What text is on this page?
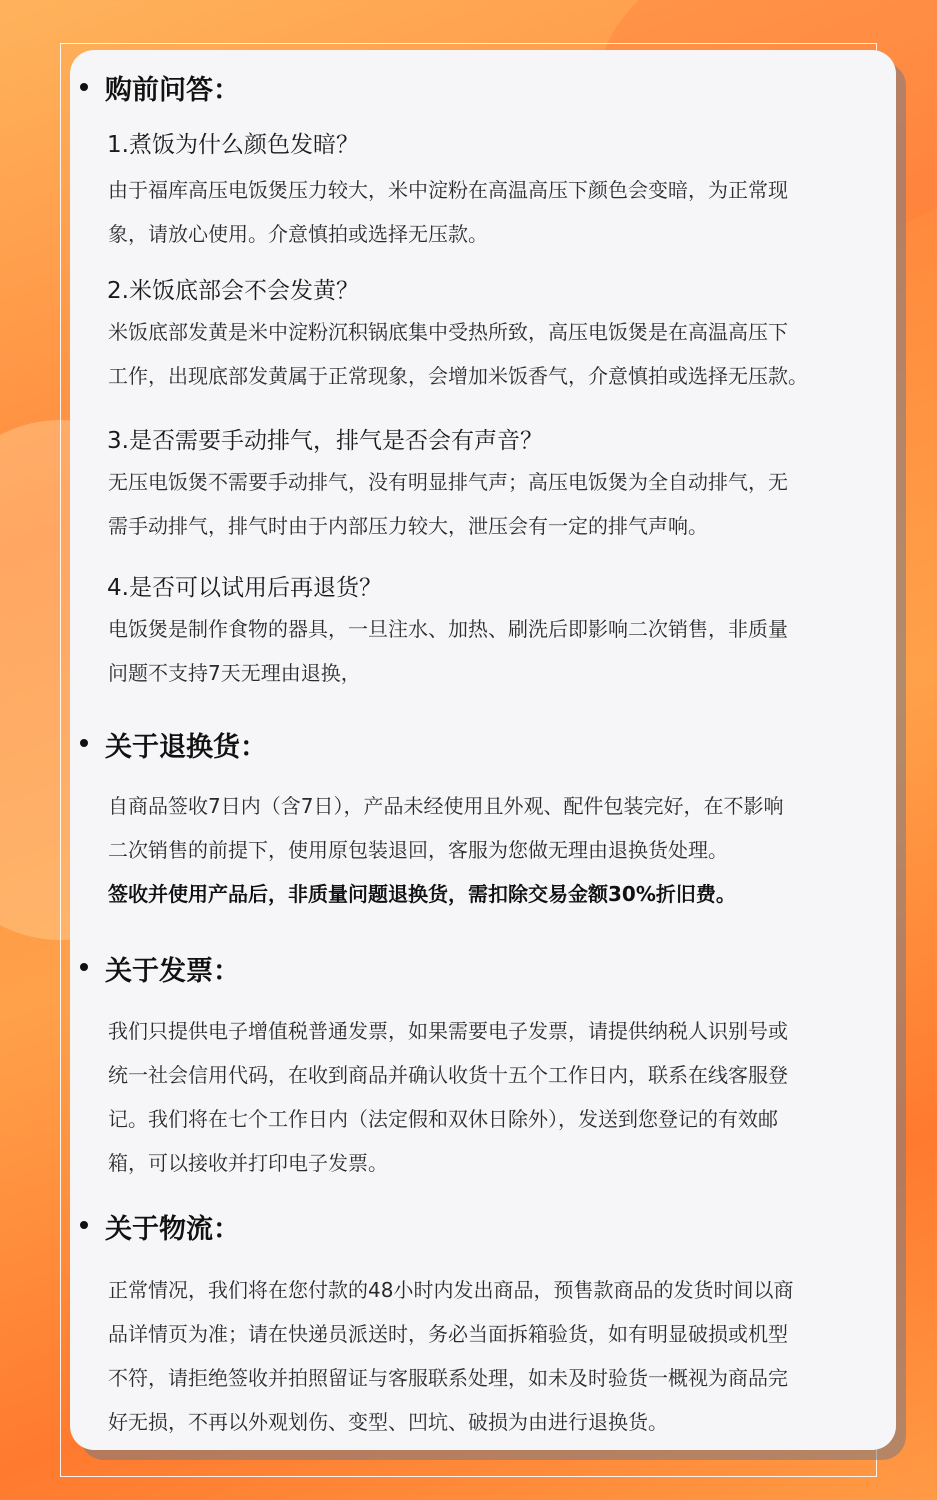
购前问答：
1.煮饭为什么颜色发暗？
由于福库高压电饭煲压力较大，米中淀粉在高温高压下颜色会变暗，为正常现
象，请放心使用。介意慎拍或选择无压款。
2.米饭底部会不会发黄？
米饭底部发黄是米中淀粉沉积锅底集中受热所致，高压电饭煲是在高温高压下
工作，出现底部发黄属于正常现象，会增加米饭香气，介意慎拍或选择无压款。
3.是否需要手动排气，排气是否会有声音？
无压电饭煲不需要手动排气，没有明显排气声；高压电饭煲为全自动排气，无
需手动排气，排气时由于内部压力较大，泄压会有一定的排气声响。
4.是否可以试用后再退货？
电饭煲是制作食物的器具，一旦注水、加热、刷洗后即影响二次销售，非质量
问题不支持7天无理由退换，
关于退换货：
自商品签收7日内（含7日），产品未经使用且外观、配件包装完好，在不影响
二次销售的前提下，使用原包装退回，客服为您做无理由退换货处理。
签收并使用产品后，非质量问题退换货，需扣除交易金额30%折旧费。
关于发票：
我们只提供电子增值税普通发票，如果需要电子发票，请提供纳税人识别号或
统一社会信用代码，在收到商品并确认收货十五个工作日内，联系在线客服登
记。我们将在七个工作日内（法定假和双休日除外），发送到您登记的有效邮
箱，可以接收并打印电子发票。
关于物流：
正常情况，我们将在您付款的48小时内发出商品，预售款商品的发货时间以商
品详情页为准；请在快递员派送时，务必当面拆箱验货，如有明显破损或机型
不符，请拒绝签收并拍照留证与客服联系处理，如未及时验货一概视为商品完
好无损，不再以外观划伤、变型、凹坑、破损为由进行退换货。
